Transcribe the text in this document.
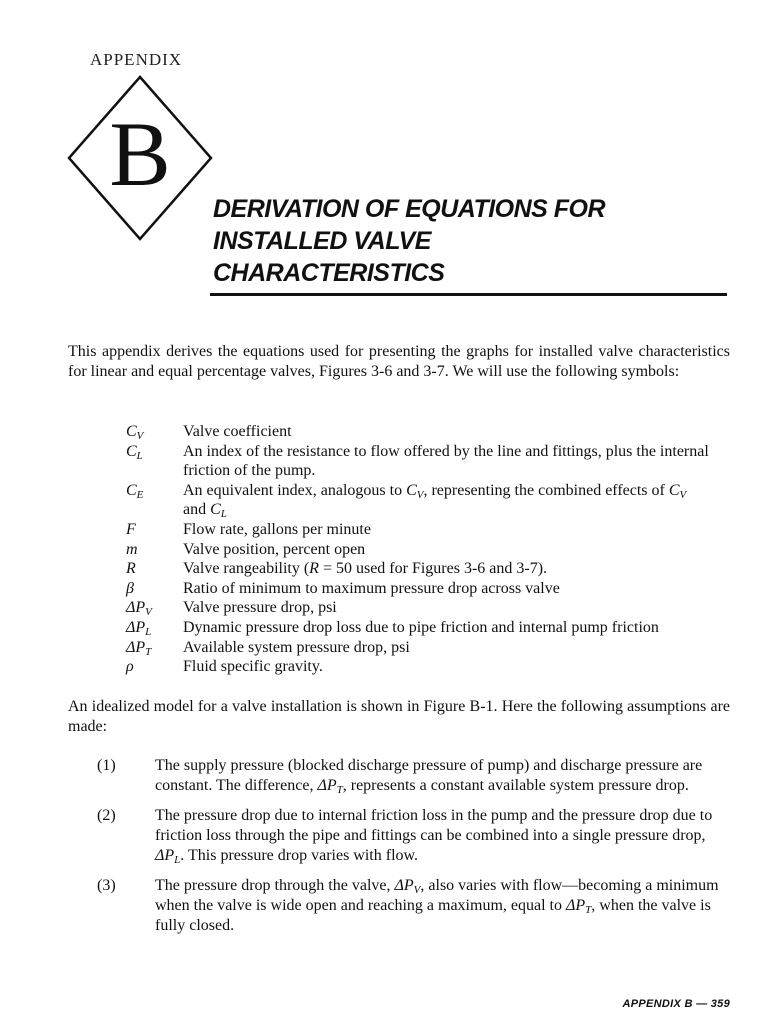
APPENDIX
B
DERIVATION OF EQUATIONS FOR
INSTALLED VALVE
CHARACTERISTICS

This appendix derives the equations used for presenting the graphs for installed valve characteristics for linear and equal percentage valves, Figures 3-6 and 3-7. We will use the following symbols:

$C_V$	Valve coefficient
$C_L$	An index of the resistance to flow offered by the line and fittings, plus the internal friction of the pump.
$C_E$	An equivalent index, analogous to $C_V$, representing the combined effects of $C_V$
and $C_L$
F	Flow rate, gallons per minute
m	Valve position, percent open
R	Valve rangeability (R = 50 used for Figures 3-6 and 3-7).
β	Ratio of minimum to maximum pressure drop across valve
$\Delta P_V$	Valve pressure drop, psi
$\Delta P_L$	Dynamic pressure drop loss due to pipe friction and internal pump friction
$\Delta P_T$	Available system pressure drop, psi
ρ	Fluid specific gravity.

An idealized model for a valve installation is shown in Figure B-1. Here the following assumptions are made:

(1)	The supply pressure (blocked discharge pressure of pump) and discharge pressure are constant. The difference, $\Delta P_T$, represents a constant available system pressure drop.
(2)	The pressure drop due to internal friction loss in the pump and the pressure drop due to friction loss through the pipe and fittings can be combined into a single pressure drop, $\Delta P_L$. This pressure drop varies with flow.
(3)	The pressure drop through the valve, $\Delta P_V$, also varies with flow—becoming a minimum when the valve is wide open and reaching a maximum, equal to $\Delta P_T$, when the valve is fully closed.
APPENDIX B — 359
